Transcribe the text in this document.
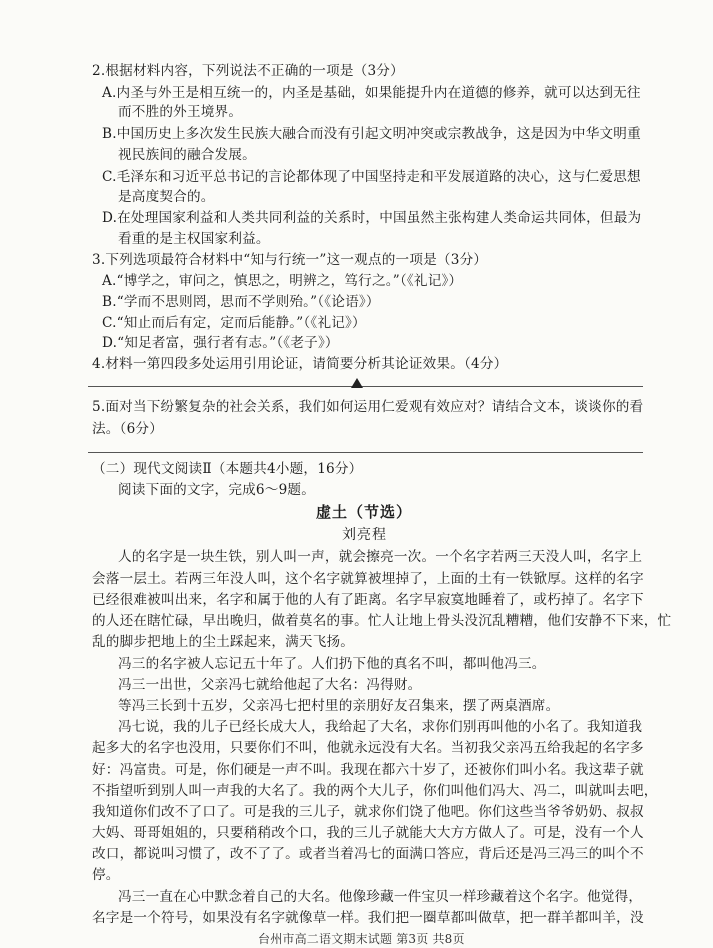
2.根据材料内容，下列说法不正确的一项是（3分）
A.内圣与外王是相互统一的，内圣是基础，如果能提升内在道德的修养，就可以达到无往
而不胜的外王境界。
B.中国历史上多次发生民族大融合而没有引起文明冲突或宗教战争，这是因为中华文明重
视民族间的融合发展。
C.毛泽东和习近平总书记的言论都体现了中国坚持走和平发展道路的决心，这与仁爱思想
是高度契合的。
D.在处理国家利益和人类共同利益的关系时，中国虽然主张构建人类命运共同体，但最为
看重的是主权国家利益。
3.下列选项最符合材料中“知与行统一”这一观点的一项是（3分）
A.“博学之，审问之，慎思之，明辨之，笃行之。”（《礼记》）
B.“学而不思则罔，思而不学则殆。”（《论语》）
C.“知止而后有定，定而后能静。”（《礼记》）
D.“知足者富，强行者有志。”（《老子》）
4.材料一第四段多处运用引用论证，请简要分析其论证效果。（4分）
5.面对当下纷繁复杂的社会关系，我们如何运用仁爱观有效应对？请结合文本，谈谈你的看
法。（6分）
（二）现代文阅读Ⅱ（本题共4小题，16分）
阅读下面的文字，完成6～9题。
虚土（节选）
刘亮程
人的名字是一块生铁，别人叫一声，就会擦亮一次。一个名字若两三天没人叫，名字上
会落一层土。若两三年没人叫，这个名字就算被埋掉了，上面的土有一铁锨厚。这样的名字
已经很难被叫出来，名字和属于他的人有了距离。名字早寂寞地睡着了，或朽掉了。名字下
的人还在瞎忙碌，早出晚归，做着莫名的事。忙人让地上骨头没沉乱糟糟，他们安静不下来，忙
乱的脚步把地上的尘土踩起来，满天飞扬。
冯三的名字被人忘记五十年了。人们扔下他的真名不叫，都叫他冯三。
冯三一出世，父亲冯七就给他起了大名：冯得财。
等冯三长到十五岁，父亲冯七把村里的亲朋好友召集来，摆了两桌酒席。
冯七说，我的儿子已经长成大人，我给起了大名，求你们别再叫他的小名了。我知道我
起多大的名字也没用，只要你们不叫，他就永远没有大名。当初我父亲冯五给我起的名字多
好：冯富贵。可是，你们硬是一声不叫。我现在都六十岁了，还被你们叫小名。我这辈子就
不指望听到别人叫一声我的大名了。我的两个大儿子，你们叫他们冯大、冯二，叫就叫去吧，
我知道你们改不了口了。可是我的三儿子，就求你们饶了他吧。你们这些当爷爷奶奶、叔叔
大妈、哥哥姐姐的，只要稍稍改个口，我的三儿子就能大大方方做人了。可是，没有一个人
改口，都说叫习惯了，改不了了。或者当着冯七的面满口答应，背后还是冯三冯三的叫个不
停。
冯三一直在心中默念着自己的大名。他像珍藏一件宝贝一样珍藏着这个名字。他觉得，
名字是一个符号，如果没有名字就像草一样。我们把一圈草都叫做草，把一群羊都叫羊，没
台州市高二语文期末试题 第3页 共8页
